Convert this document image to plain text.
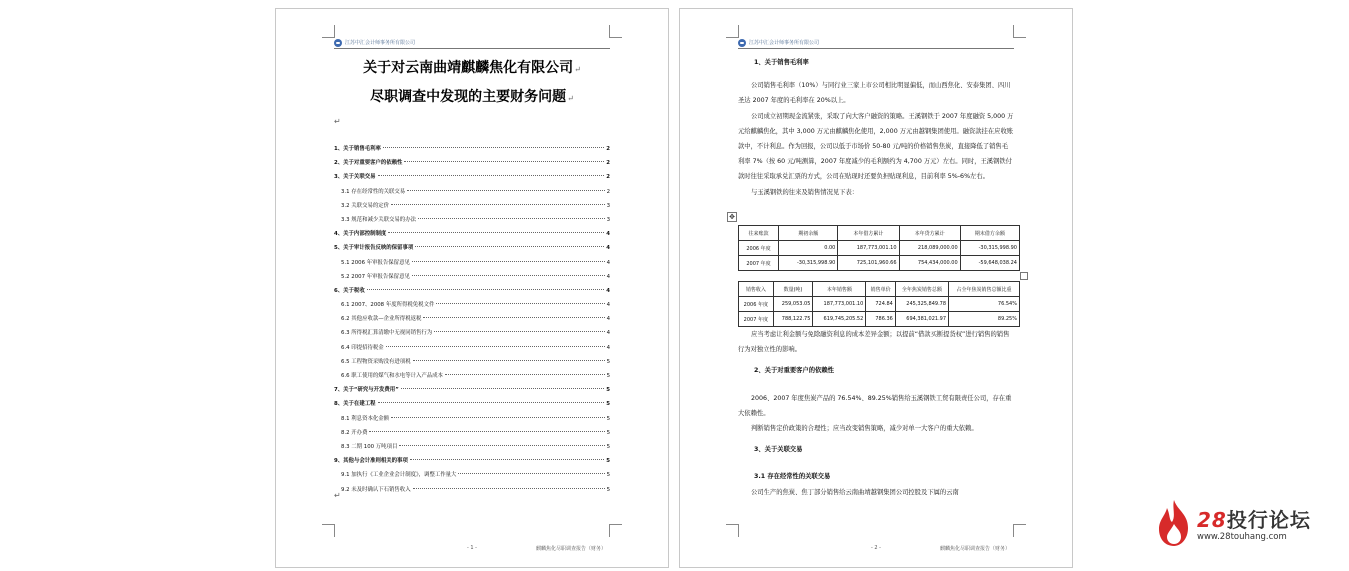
江苏中汇会计师事务所有限公司
关于对云南曲靖麒麟焦化有限公司↵
尽职调查中发现的主要财务问题↵
↵
1、关于销售毛利率	2
2、关于对重要客户的依赖性	2
3、关于关联交易	2
3.1 存在经常性的关联交易	2
3.2 关联交易的定价	3
3.3 规范和减少关联交易的办法	3
4、关于内部控制制度	4
5、关于审计报告反映的保留事项	4
5.1 2006 年审报告保留意见	4
5.2 2007 年审报告保留意见	4
6、关于税收	4
6.1 2007、2008 年度所得税免税文件	4
6.2 其他应收款—企业所得税返税	4
6.3 所得税汇算清缴中无视同销售行为	4
6.4 印提招待税金	4
6.5 工程物资采购没有进项税	5
6.6 职工使用的煤气和水电等计入产品成本	5
7、关于“研究与开发费用”	5
8、关于在建工程	5
8.1 利息资本化金额	5
8.2 开办费	5
8.3 二期 100 万吨项目	5
9、其他与会计准则相关的事项	5
9.1 加执行《工业企业会计制度》，调整工作量大	5
9.2 未及时确认下石销售收入	5
↵
- 1 -	麒麟焦化尽职调查报告（财务）
江苏中汇会计师事务所有限公司

1、关于销售毛利率

公司销售毛利率（10%）与同行业三家上市公司相比明显偏低，而山西焦化、安泰集团、四川圣达 2007 年度的毛利率在 20%以上。

公司成立初期现金流紧张，采取了向大客户融资的策略。王溪钢铁于 2007 年度融资 5,000 万元给麒麟焦化，其中 3,000 万元由麒麟焦化使用，2,000 万元由越钢集团使用。融资款挂在应收账款中，不计利息。作为回报，公司以低于市场价 50-80 元/吨的价格销售焦炭，直接降低了销售毛利率 7%（按 60 元/吨测算，2007 年度减少的毛利额约为 4,700 万元）左右。同时，王溪钢铁付款时往往采取承兑汇票的方式，公司在贴现时还要负担贴现利息，目前利率 5%-6%左右。

与玉溪钢铁的往来及销售情况见下表：

✥
往来账款	期初余额	本年借方累计	本年贷方累计	期末借方余额
2006 年度	0.00	187,773,001.10	218,089,000.00	-30,315,998.90
2007 年度	-30,315,998.90	725,101,960.66	754,434,000.00	-59,648,038.24
销售收入	数量(吨)	本年销售额	销售单价	全年焦炭销售总额	占全年焦炭销售总额比重
2006 年度	259,053.05	187,773,001.10	724.84	245,325,849.78	76.54%
2007 年度	788,122.75	619,745,205.52	786.36	694,381,021.97	89.25%

应当考虑让利金额与免除融资利息的成本差异金额；以提前“借款买断提货权”进行销售的销售行为对独立性的影响。

2、关于对重要客户的依赖性

2006、2007 年度焦炭产品的 76.54%、89.25%销售给玉溪钢铁工贸有限责任公司，存在重大依赖性。

判断销售定价政策的合理性；应当改变销售策略，减少对单一大客户的重大依赖。

3、关于关联交易

3.1 存在经常性的关联交易

公司生产的焦炭、焦丁部分销售给云南曲靖越钢集团公司控股及下属的云南

- 2 -	麒麟焦化尽职调查报告（财务）
28投行论坛
www.28touhang.com
